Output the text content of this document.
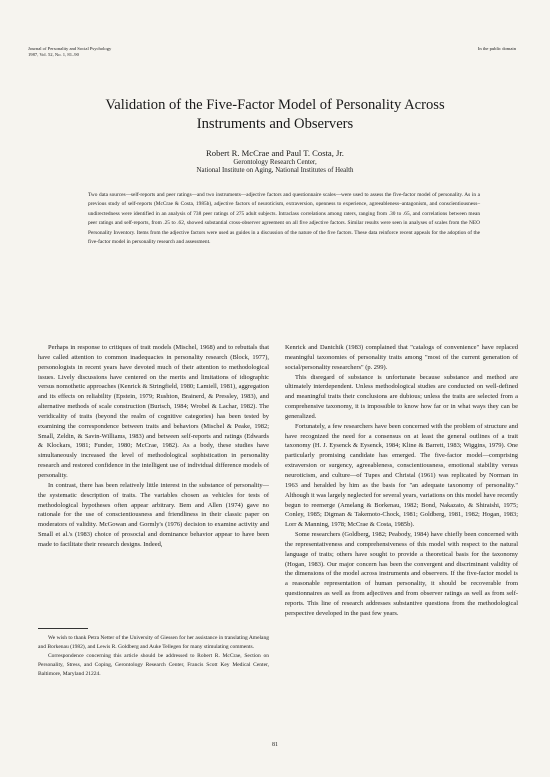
Journal of Personality and Social Psychology
1987, Vol. 52, No. 1, 81–90
In the public domain
Validation of the Five-Factor Model of Personality Across
Instruments and Observers
Robert R. McCrae and Paul T. Costa, Jr.
Gerontology Research Center,
National Institute on Aging, National Institutes of Health
Two data sources—self-reports and peer ratings—and two instruments—adjective factors and questionnaire scales—were used to assess the five-factor model of personality. As in a previous study of self-reports (McCrae & Costa, 1985b), adjective factors of neuroticism, extraversion, openness to experience, agreeableness–antagonism, and conscientiousness–undirectedness were identified in an analysis of 738 peer ratings of 275 adult subjects. Intraclass correlations among raters, ranging from .30 to .65, and correlations between mean peer ratings and self-reports, from .25 to .62, showed substantial cross-observer agreement on all five adjective factors. Similar results were seen in analyses of scales from the NEO Personality Inventory. Items from the adjective factors were used as guides in a discussion of the nature of the five factors. These data reinforce recent appeals for the adoption of the five-factor model in personality research and assessment.

Perhaps in response to critiques of trait models (Mischel, 1968) and to rebuttals that have called attention to common inadequacies in personality research (Block, 1977), personologists in recent years have devoted much of their attention to methodological issues. Lively discussions have centered on the merits and limitations of idiographic versus nomothetic approaches (Kenrick & Stringfield, 1980; Lamiell, 1981), aggregation and its effects on reliability (Epstein, 1979; Rushton, Brainerd, & Pressley, 1983), and alternative methods of scale construction (Burisch, 1984; Wrobel & Lachar, 1982). The veridicality of traits (beyond the realm of cognitive categories) has been tested by examining the correspondence between traits and behaviors (Mischel & Peake, 1982; Small, Zeldin, & Savin-Williams, 1983) and between self-reports and ratings (Edwards & Klockars, 1981; Funder, 1980; McCrae, 1982). As a body, these studies have simultaneously increased the level of methodological sophistication in personality research and restored confidence in the intelligent use of individual difference models of personality.

In contrast, there has been relatively little interest in the substance of personality—the systematic description of traits. The variables chosen as vehicles for tests of methodological hypotheses often appear arbitrary. Bem and Allen (1974) gave no rationale for the use of conscientiousness and friendliness in their classic paper on moderators of validity. McGowan and Gormly's (1976) decision to examine activity and Small et al.'s (1983) choice of prosocial and dominance behavior appear to have been made to facilitate their research designs. Indeed,

We wish to thank Petra Netter of the University of Giessen for her assistance in translating Amelang and Borkenau (1982), and Lewis R. Goldberg and Auke Tellegen for many stimulating comments.

Correspondence concerning this article should be addressed to Robert R. McCrae, Section on Personality, Stress, and Coping, Gerontology Research Center, Francis Scott Key Medical Center, Baltimore, Maryland 21224.

Kenrick and Dantchik (1983) complained that "catalogs of convenience" have replaced meaningful taxonomies of personality traits among "most of the current generation of social/personality researchers" (p. 299).

This disregard of substance is unfortunate because substance and method are ultimately interdependent. Unless methodological studies are conducted on well-defined and meaningful traits their conclusions are dubious; unless the traits are selected from a comprehensive taxonomy, it is impossible to know how far or in what ways they can be generalized.

Fortunately, a few researchers have been concerned with the problem of structure and have recognized the need for a consensus on at least the general outlines of a trait taxonomy (H. J. Eysenck & Eysenck, 1984; Kline & Barrett, 1983; Wiggins, 1979). One particularly promising candidate has emerged. The five-factor model—comprising extraversion or surgency, agreeableness, conscientiousness, emotional stability versus neuroticism, and culture—of Tupes and Christal (1961) was replicated by Norman in 1963 and heralded by him as the basis for "an adequate taxonomy of personality." Although it was largely neglected for several years, variations on this model have recently begun to reemerge (Amelang & Borkenau, 1982; Bond, Nakazato, & Shiraishi, 1975; Conley, 1985; Digman & Takemoto-Chock, 1981; Goldberg, 1981, 1982; Hogan, 1983; Lorr & Manning, 1978; McCrae & Costa, 1985b).

Some researchers (Goldberg, 1982; Peabody, 1984) have chiefly been concerned with the representativeness and comprehensiveness of this model with respect to the natural language of traits; others have sought to provide a theoretical basis for the taxonomy (Hogan, 1983). Our major concern has been the convergent and discriminant validity of the dimensions of the model across instruments and observers. If the five-factor model is a reasonable representation of human personality, it should be recoverable from questionnaires as well as from adjectives and from observer ratings as well as from self-reports. This line of research addresses substantive questions from the methodological perspective developed in the past few years.

81
